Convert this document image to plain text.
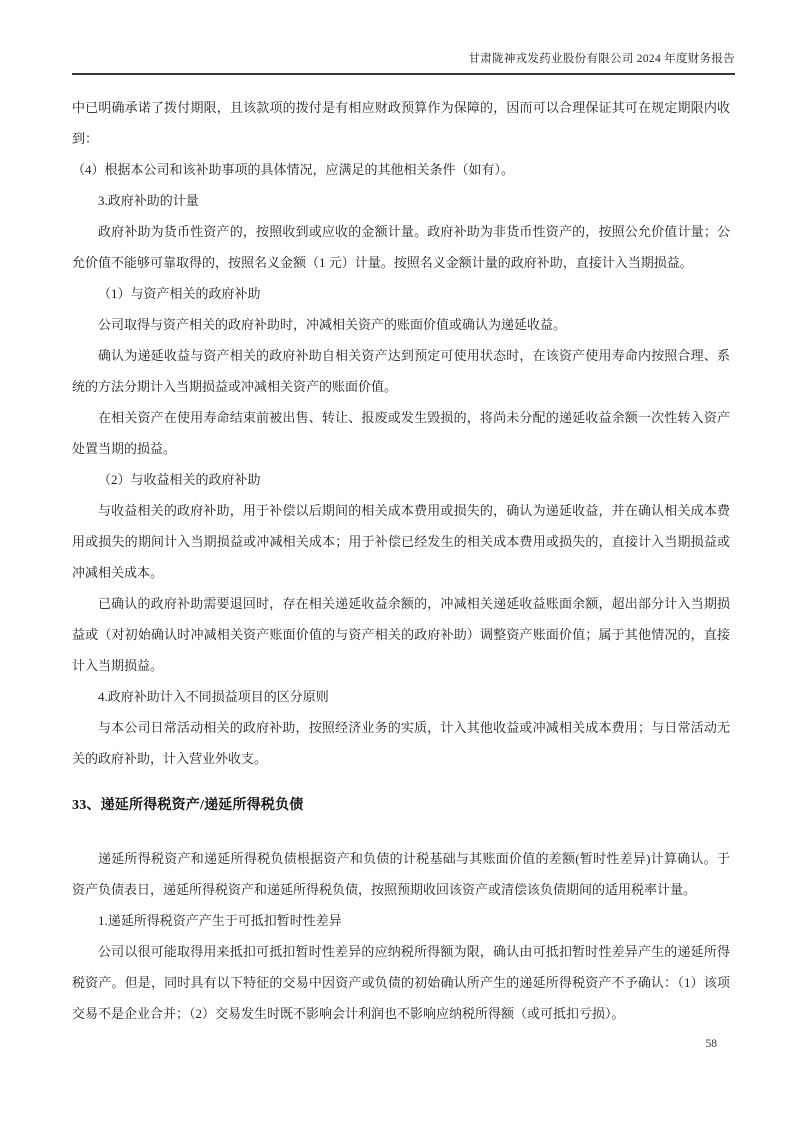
甘肃陇神戎发药业股份有限公司 2024 年度财务报告

中已明确承诺了拨付期限，且该款项的拨付是有相应财政预算作为保障的，因而可以合理保证其可在规定期限内收到：

（4）根据本公司和该补助事项的具体情况，应满足的其他相关条件（如有）。

3.政府补助的计量

政府补助为货币性资产的，按照收到或应收的金额计量。政府补助为非货币性资产的，按照公允价值计量；公允价值不能够可靠取得的，按照名义金额（1 元）计量。按照名义金额计量的政府补助，直接计入当期损益。

（1）与资产相关的政府补助

公司取得与资产相关的政府补助时，冲减相关资产的账面价值或确认为递延收益。

确认为递延收益与资产相关的政府补助自相关资产达到预定可使用状态时，在该资产使用寿命内按照合理、系统的方法分期计入当期损益或冲减相关资产的账面价值。

在相关资产在使用寿命结束前被出售、转让、报废或发生毁损的，将尚未分配的递延收益余额一次性转入资产处置当期的损益。

（2）与收益相关的政府补助

与收益相关的政府补助，用于补偿以后期间的相关成本费用或损失的，确认为递延收益，并在确认相关成本费用或损失的期间计入当期损益或冲减相关成本；用于补偿已经发生的相关成本费用或损失的，直接计入当期损益或冲减相关成本。

已确认的政府补助需要退回时，存在相关递延收益余额的，冲减相关递延收益账面余额，超出部分计入当期损益或（对初始确认时冲减相关资产账面价值的与资产相关的政府补助）调整资产账面价值；属于其他情况的，直接计入当期损益。

4.政府补助计入不同损益项目的区分原则

与本公司日常活动相关的政府补助，按照经济业务的实质，计入其他收益或冲减相关成本费用；与日常活动无关的政府补助，计入营业外收支。

33、递延所得税资产/递延所得税负债

递延所得税资产和递延所得税负债根据资产和负债的计税基础与其账面价值的差额(暂时性差异)计算确认。于资产负债表日，递延所得税资产和递延所得税负债，按照预期收回该资产或清偿该负债期间的适用税率计量。

1.递延所得税资产产生于可抵扣暂时性差异

公司以很可能取得用来抵扣可抵扣暂时性差异的应纳税所得额为限，确认由可抵扣暂时性差异产生的递延所得税资产。但是，同时具有以下特征的交易中因资产或负债的初始确认所产生的递延所得税资产不予确认：（1）该项交易不是企业合并；（2）交易发生时既不影响会计利润也不影响应纳税所得额（或可抵扣亏损）。

58
